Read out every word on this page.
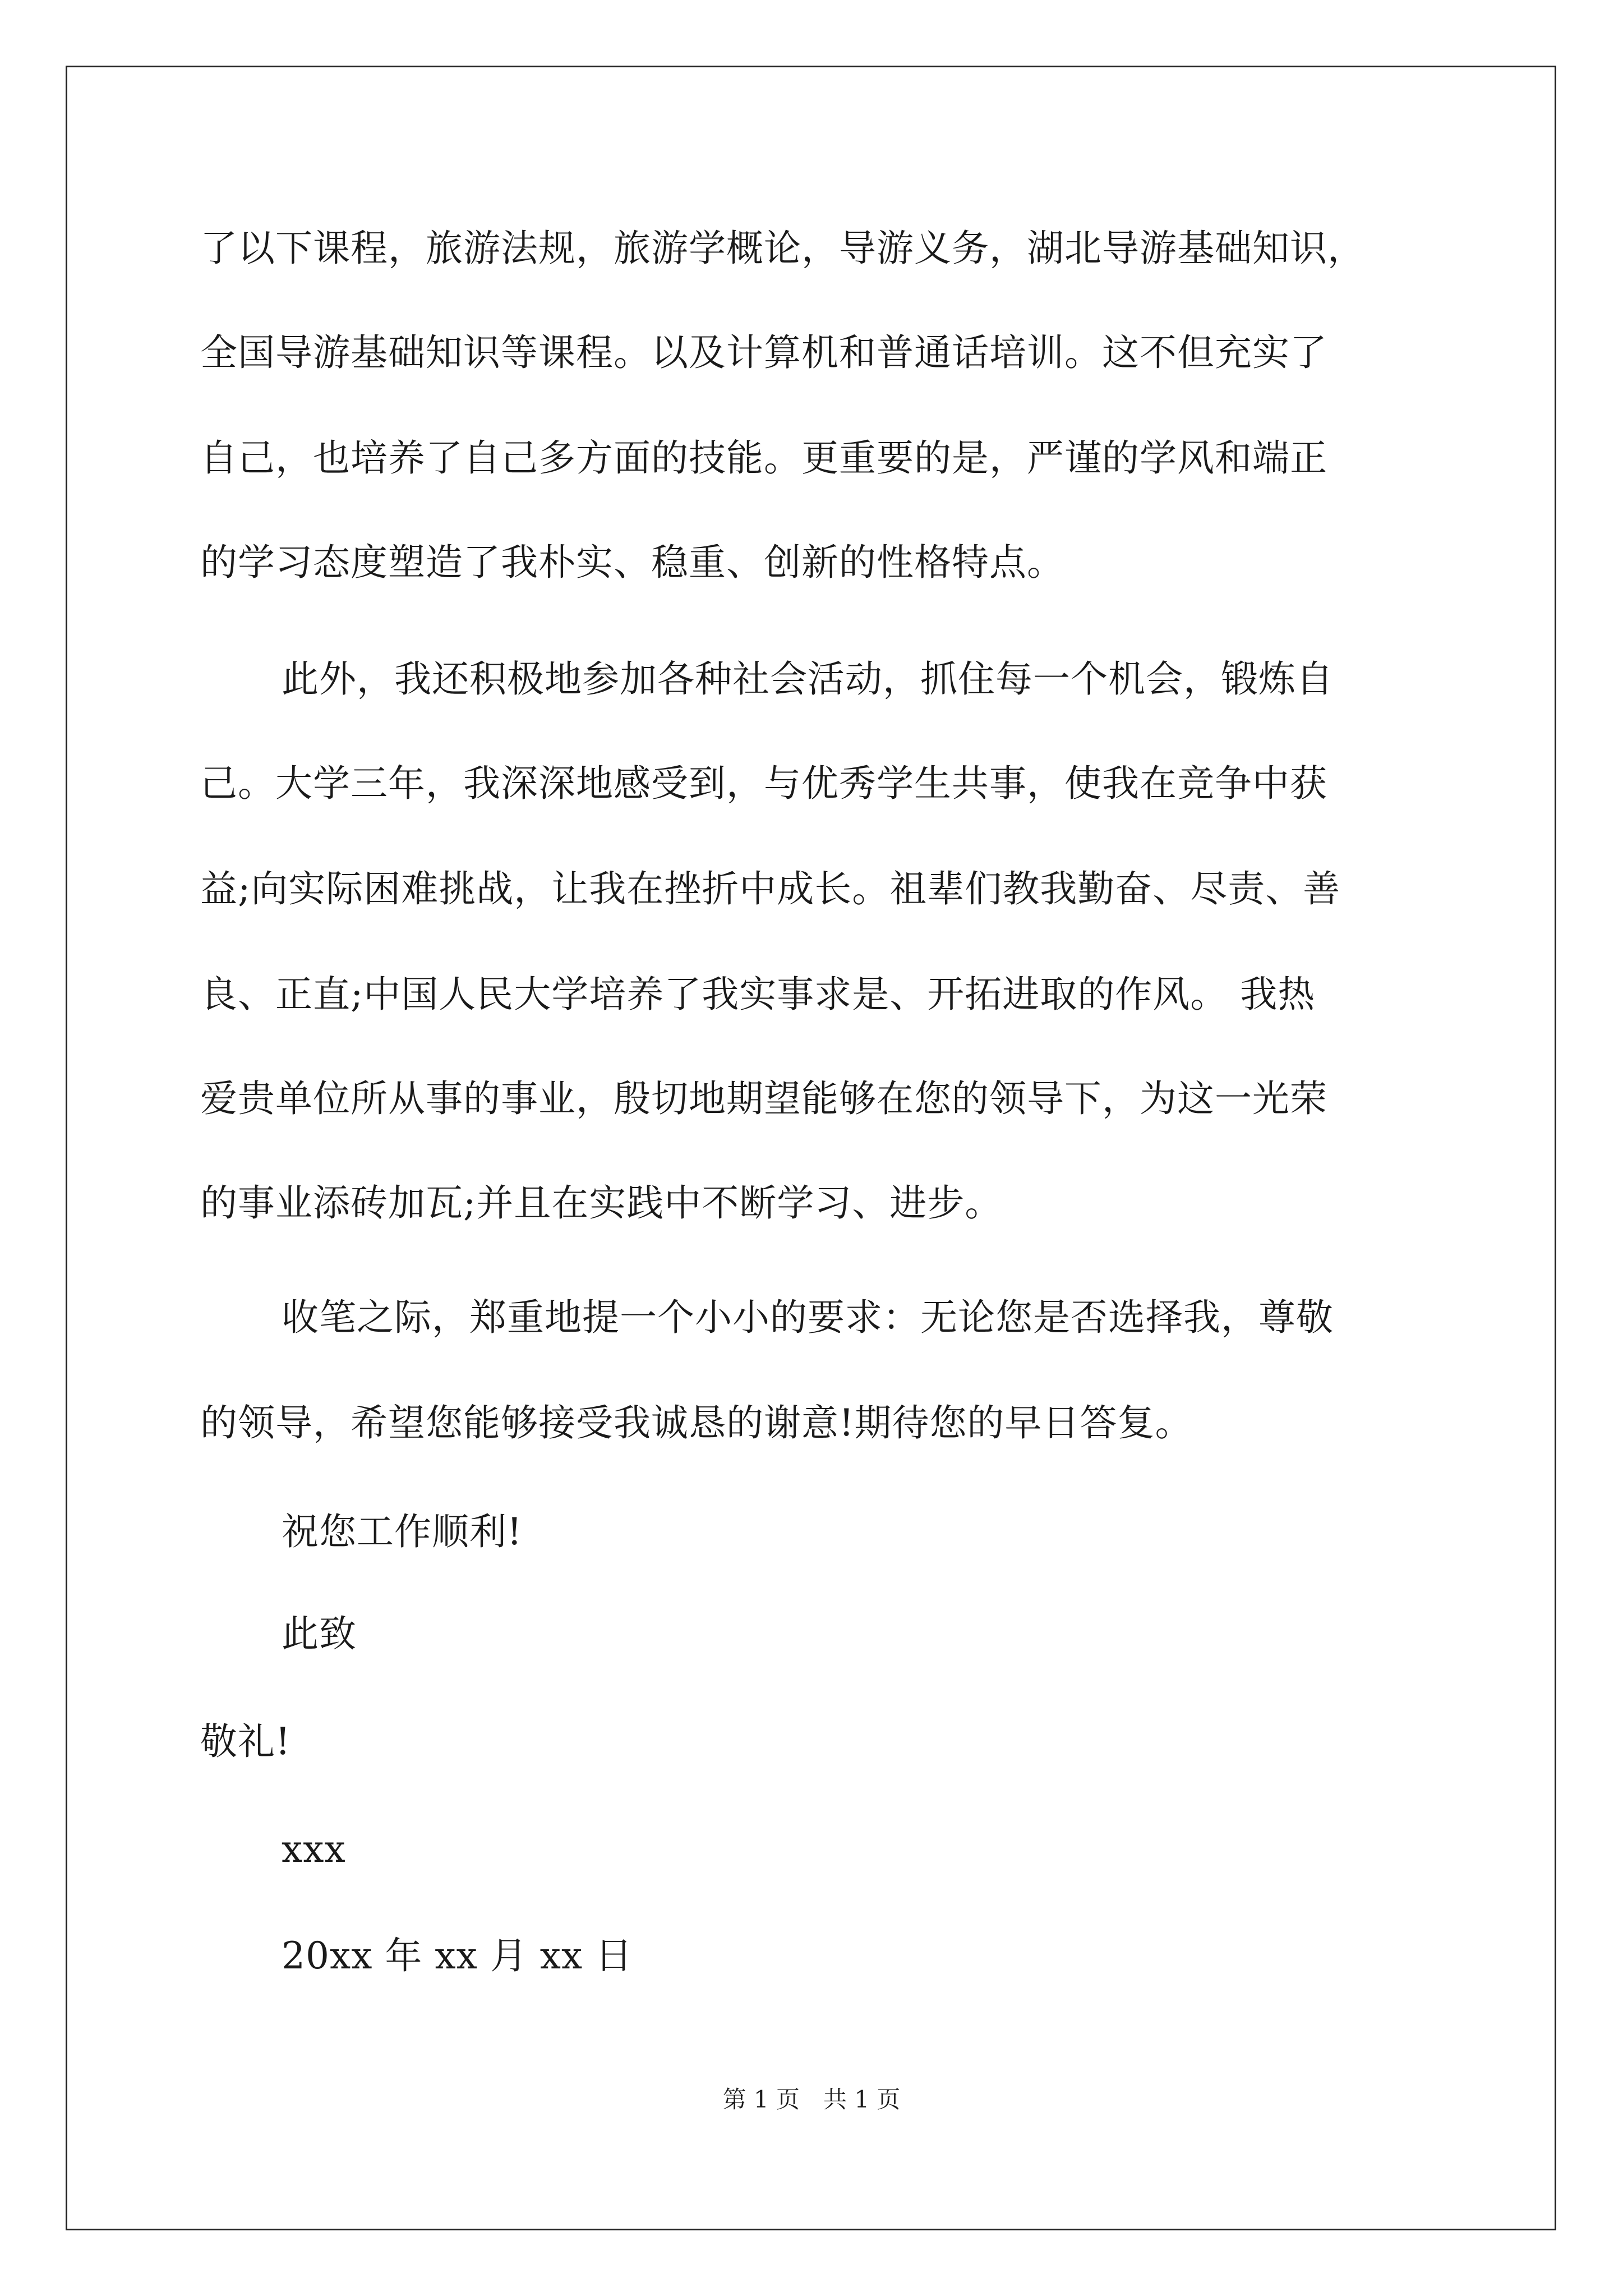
了以下课程，旅游法规，旅游学概论，导游义务，湖北导游基础知识，
全国导游基础知识等课程。以及计算机和普通话培训。这不但充实了
自己，也培养了自己多方面的技能。更重要的是，严谨的学风和端正
的学习态度塑造了我朴实、稳重、创新的性格特点。
此外，我还积极地参加各种社会活动，抓住每一个机会，锻炼自
己。大学三年，我深深地感受到，与优秀学生共事，使我在竞争中获
益;向实际困难挑战，让我在挫折中成长。祖辈们教我勤奋、尽责、善
良、正直;中国人民大学培养了我实事求是、开拓进取的作风。 我热
爱贵单位所从事的事业，殷切地期望能够在您的领导下，为这一光荣
的事业添砖加瓦;并且在实践中不断学习、进步。
收笔之际，郑重地提一个小小的要求：无论您是否选择我，尊敬
的领导，希望您能够接受我诚恳的谢意!期待您的早日答复。
祝您工作顺利!
此致
敬礼!
xxx
20xx 年 xx 月 xx 日
第 1 页　共 1 页
